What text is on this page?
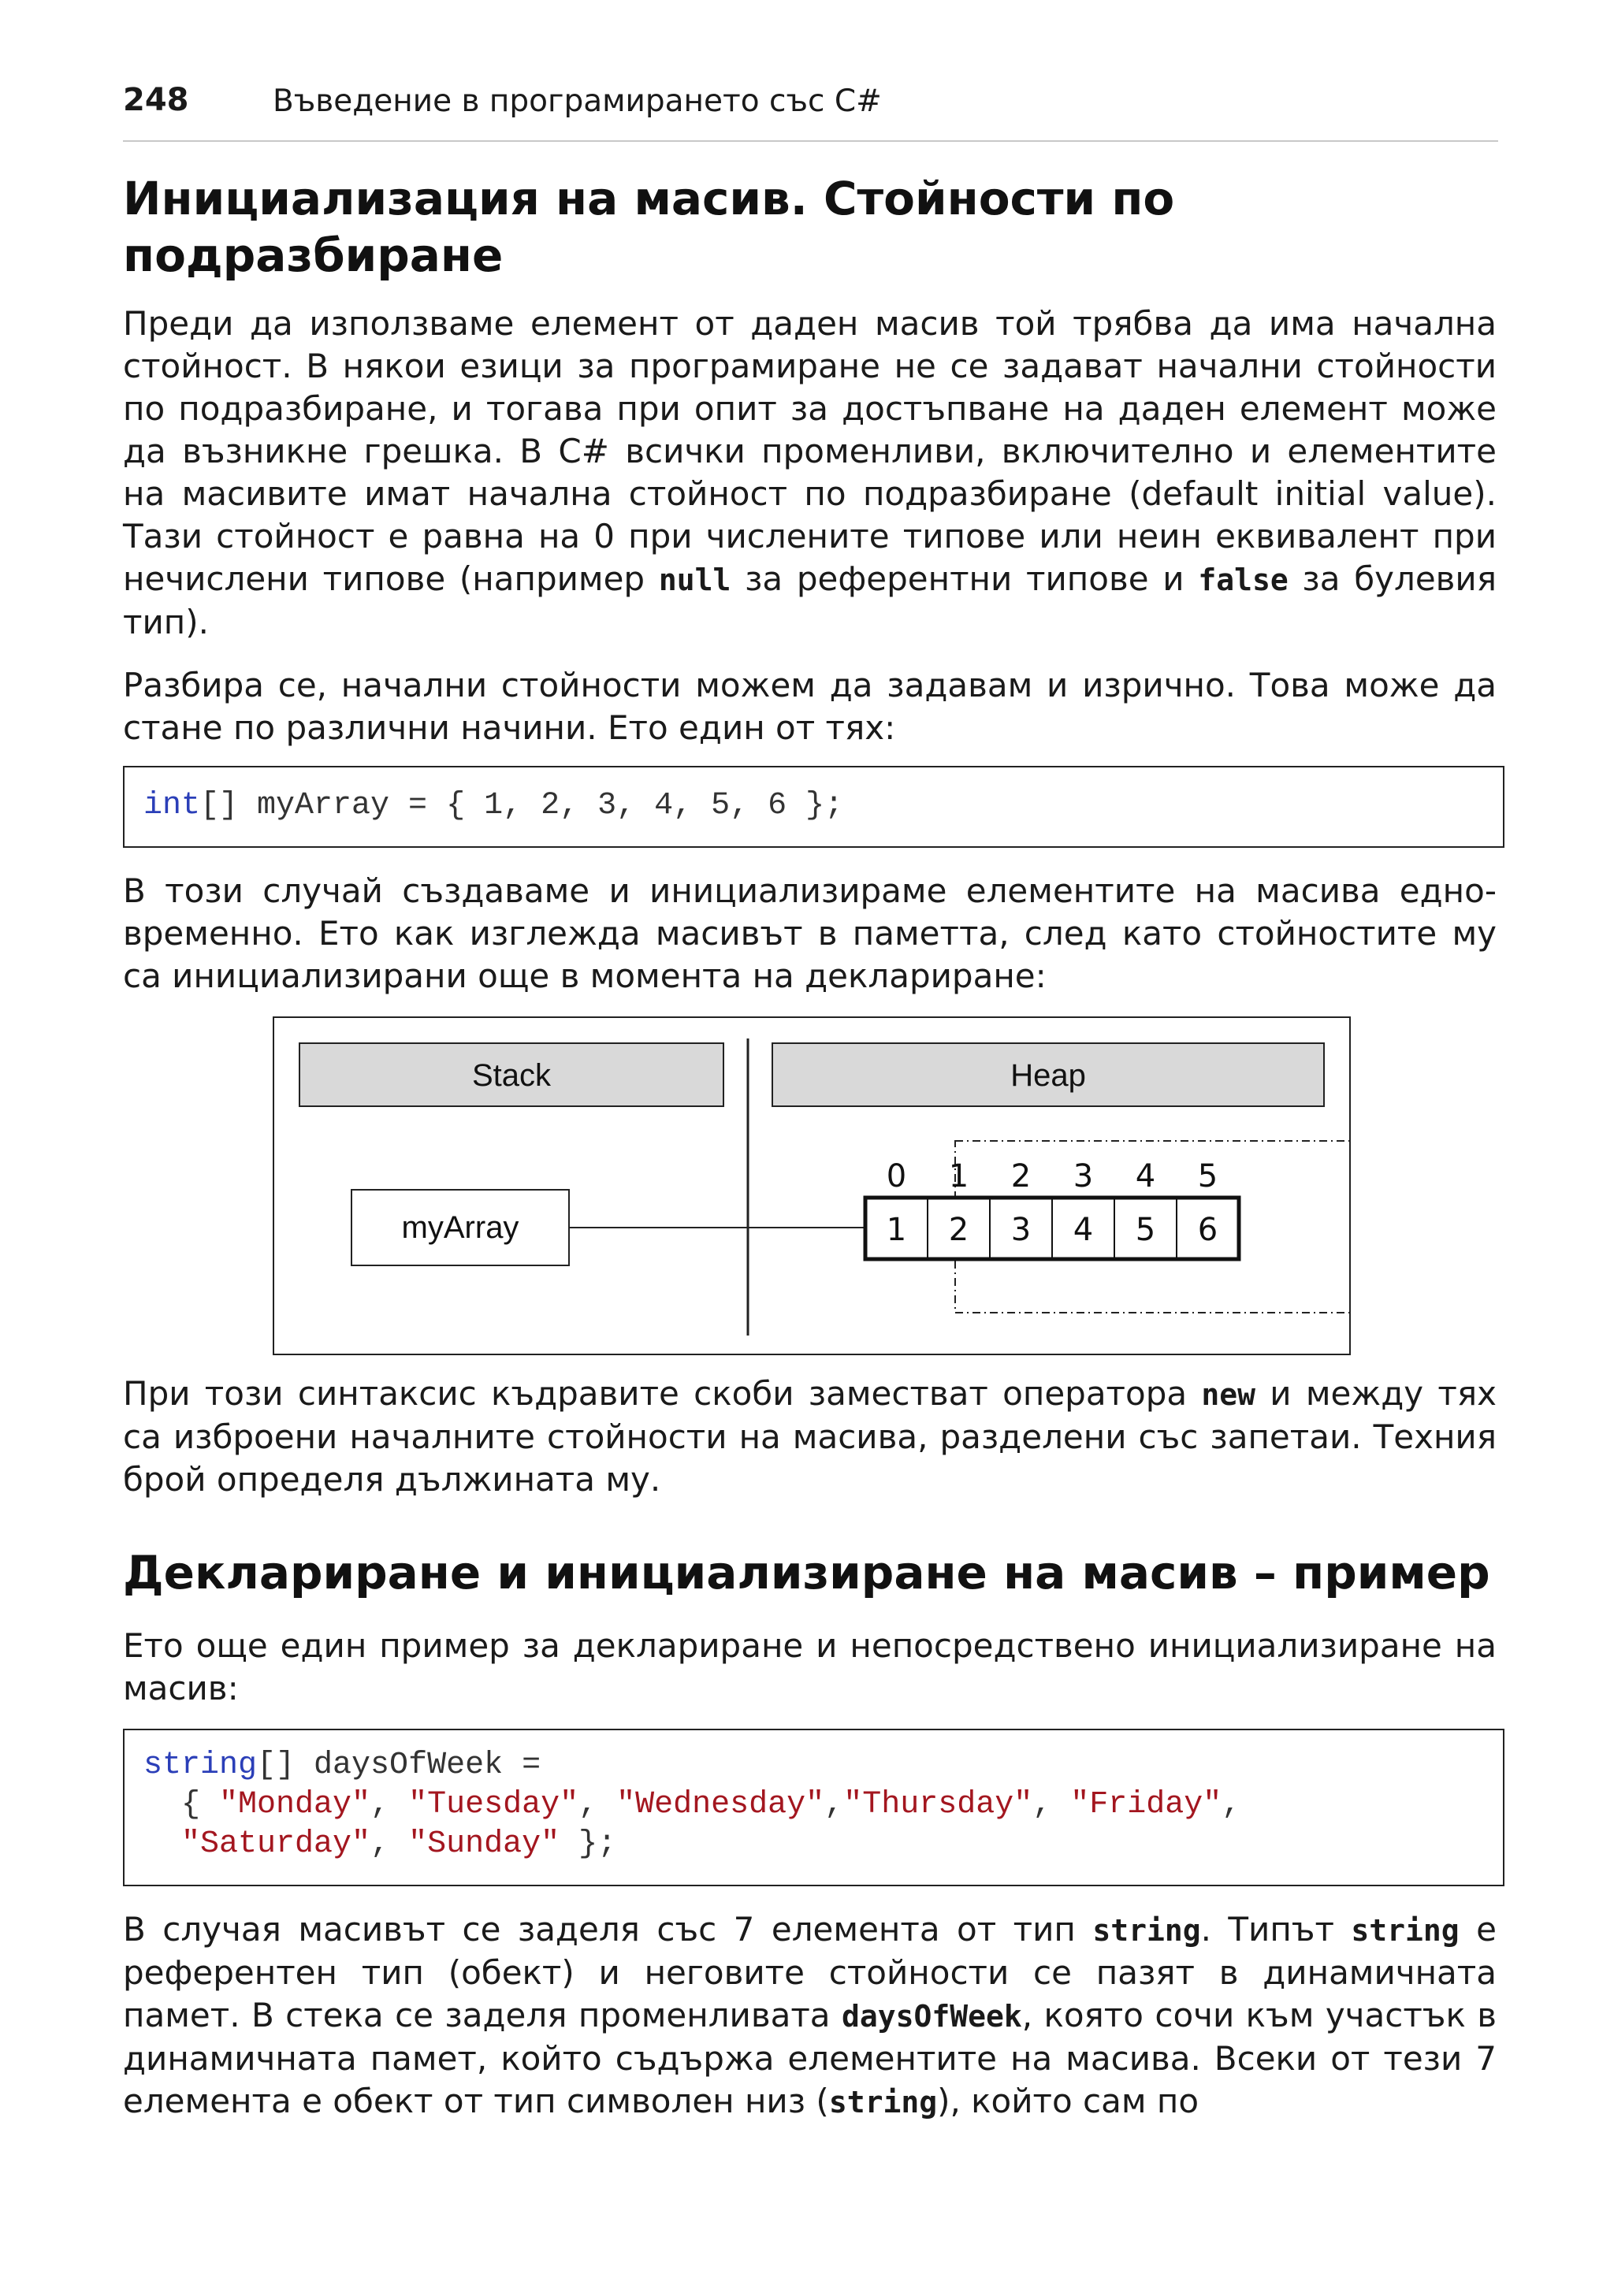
248	Въведение в програмирането със C#
Инициализация на масив. Стойности по
подразбиране

Преди да използваме елемент от даден масив той трябва да има начална стойност. В някои езици за програмиране не се задават начални стойности по подразбиране, и тогава при опит за достъпване на даден елемент може да възникне грешка. В C# всички променливи, включително и елементите на масивите имат начална стойност по подразбиране (default initial value). Тази стойност е равна на 0 при числените типове или неин еквивалент при нечислени типове (например null за референтни типове и false за булевия тип).

Разбира се, начални стойности можем да задавам и изрично. Това може да стане по различни начини. Ето един от тях:

int[] myArray = { 1, 2, 3, 4, 5, 6 };

В този случай създаваме и инициализираме елементите на масива едно-временно. Ето как изглежда масивът в паметта, след като стойностите му са инициализирани още в момента на деклариране:

Stack	Heap
myArray
0 1 2 3 4 5
1 2 3 4 5 6

При този синтаксис къдравите скоби заместват оператора new и между тях са изброени началните стойности на масива, разделени със запетаи. Техния брой определя дължината му.

Деклариране и инициализиране на масив – пример

Ето още един пример за деклариране и непосредствено инициализиране на масив:

string[] daysOfWeek =
{ "Monday", "Tuesday", "Wednesday","Thursday", "Friday",
"Saturday", "Sunday" };

В случая масивът се заделя със 7 елемента от тип string. Типът string е референтен тип (обект) и неговите стойности се пазят в динамичната памет. В стека се заделя променливата daysOfWeek, която сочи към участък в динамичната памет, който съдържа елементите на масива. Всеки от тези 7 елемента е обект от тип символен низ (string), който сам по
